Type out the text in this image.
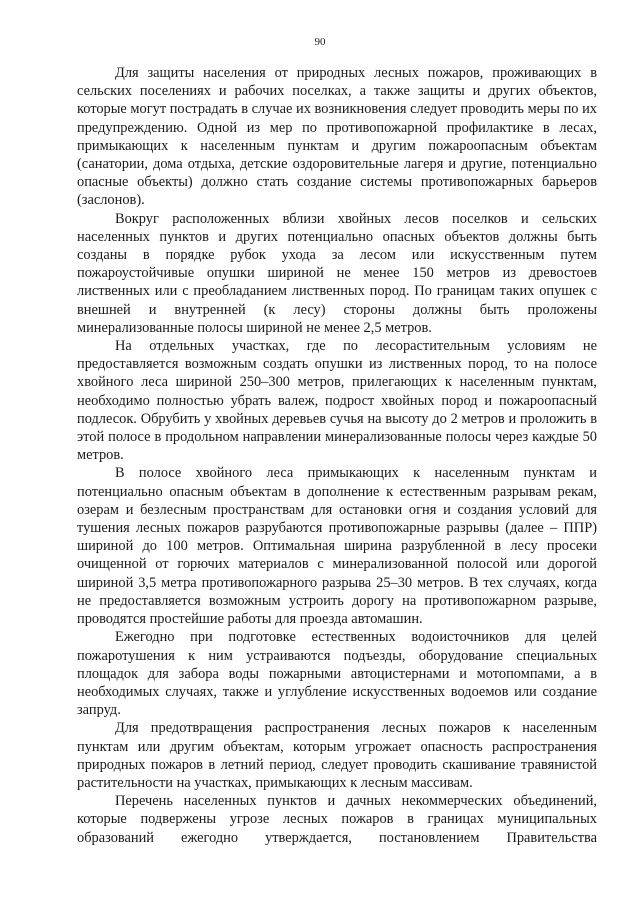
90

Для защиты населения от природных лесных пожаров, проживающих в сельских поселениях и рабочих поселках, а также защиты и других объектов, которые могут пострадать в случае их возникновения следует проводить меры по их предупреждению. Одной из мер по противопожарной профилактике в лесах, примыкающих к населенным пунктам и другим пожароопасным объектам (санатории, дома отдыха, детские оздоровительные лагеря и другие, потенциально опасные объекты) должно стать создание системы противопожарных барьеров (заслонов).

Вокруг расположенных вблизи хвойных лесов поселков и сельских населенных пунктов и других потенциально опасных объектов должны быть созданы в порядке рубок ухода за лесом или искусственным путем пожароустойчивые опушки шириной не менее 150 метров из древостоев лиственных или с преобладанием лиственных пород. По границам таких опушек с внешней и внутренней (к лесу) стороны должны быть проложены минерализованные полосы шириной не менее 2,5 метров.

На отдельных участках, где по лесорастительным условиям не предоставляется возможным создать опушки из лиственных пород, то на полосе хвойного леса шириной 250–300 метров, прилегающих к населенным пунктам, необходимо полностью убрать валеж, подрост хвойных пород и пожароопасный подлесок. Обрубить у хвойных деревьев сучья на высоту до 2 метров и проложить в этой полосе в продольном направлении минерализованные полосы через каждые 50 метров.

В полосе хвойного леса примыкающих к населенным пунктам и потенциально опасным объектам в дополнение к естественным разрывам рекам, озерам и безлесным пространствам для остановки огня и создания условий для тушения лесных пожаров разрубаются противопожарные разрывы (далее – ППР) шириной до 100 метров. Оптимальная ширина разрубленной в лесу просеки очищенной от горючих материалов с минерализованной полосой или дорогой шириной 3,5 метра противопожарного разрыва 25–30 метров. В тех случаях, когда не предоставляется возможным устроить дорогу на противопожарном разрыве, проводятся простейшие работы для проезда автомашин.

Ежегодно при подготовке естественных водоисточников для целей пожаротушения к ним устраиваются подъезды, оборудование специальных площадок для забора воды пожарными автоцистернами и мотопомпами, а в необходимых случаях, также и углубление искусственных водоемов или создание запруд.

Для предотвращения распространения лесных пожаров к населенным пунктам или другим объектам, которым угрожает опасность распространения природных пожаров в летний период, следует проводить скашивание травянистой растительности на участках, примыкающих к лесным массивам.

Перечень населенных пунктов и дачных некоммерческих объединений, которые подвержены угрозе лесных пожаров в границах муниципальных образований ежегодно утверждается, постановлением Правительства
